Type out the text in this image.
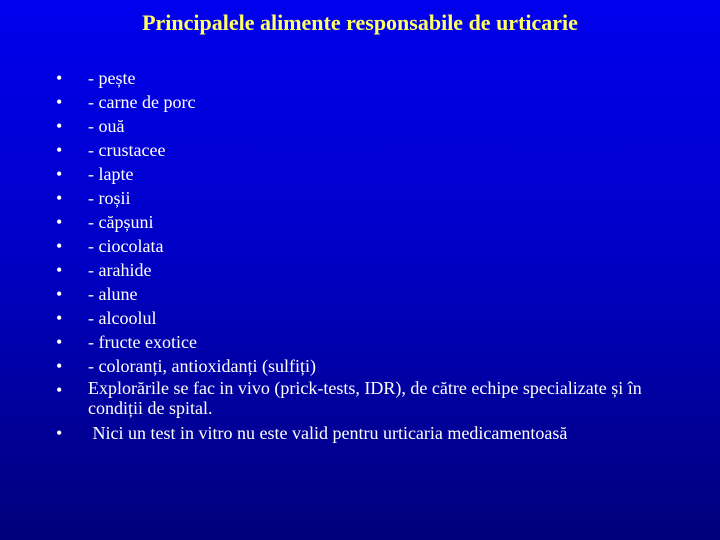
Principalele alimente responsabile de urticarie
•	- pește
•	- carne de porc
•	- ouă
•	- crustacee
•	- lapte
•	- roșii
•	- căpșuni
•	- ciocolata
•	- arahide
•	- alune
•	- alcoolul
•	- fructe exotice
•	- coloranți, antioxidanți (sulfiți)
•	Explorările se fac in vivo (prick-tests, IDR), de către echipe specializate și în condiții de spital.
•	Nici un test in vitro nu este valid pentru urticaria medicamentoasă
